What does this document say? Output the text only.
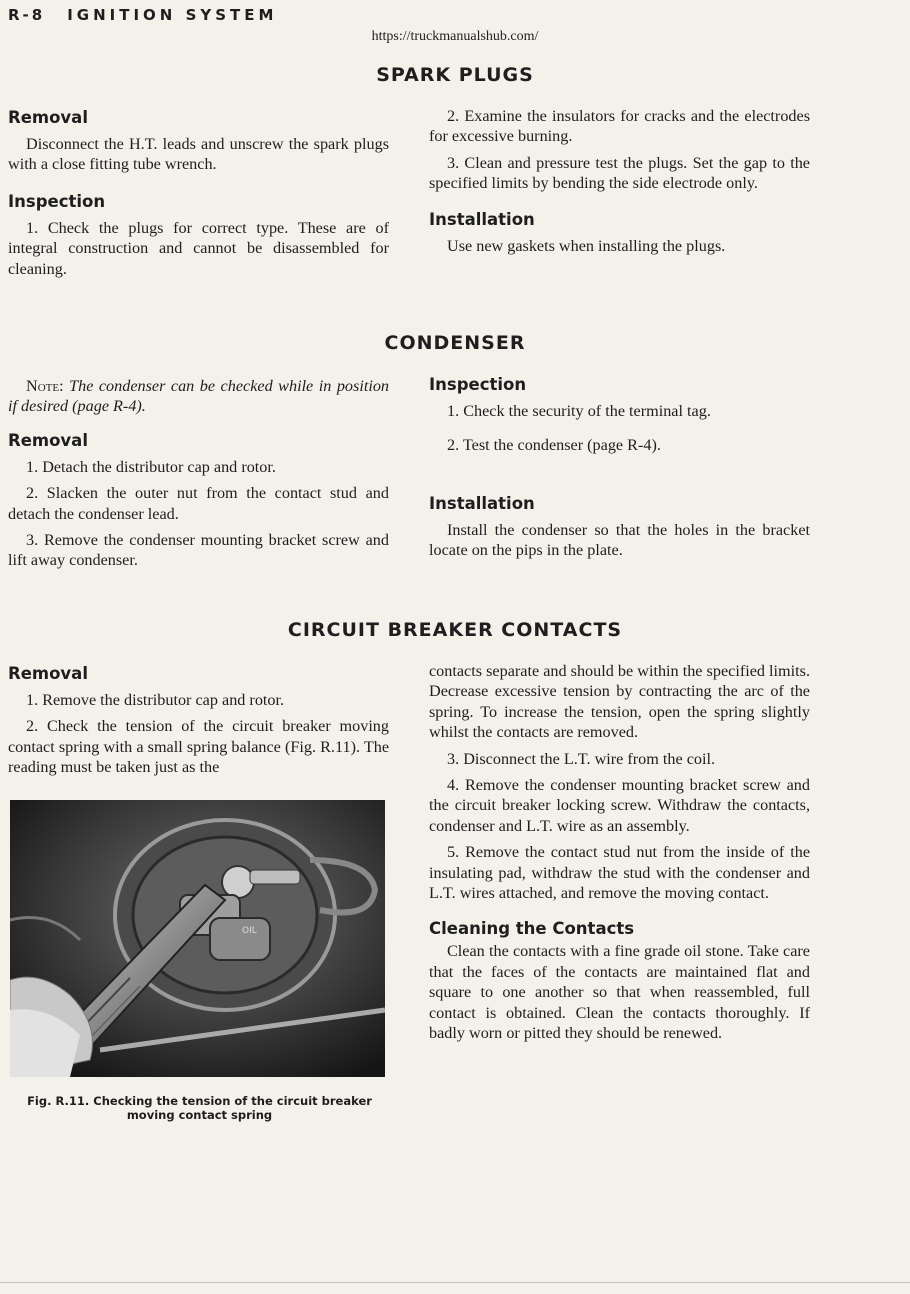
R-8 IGNITION SYSTEM
https://truckmanualshub.com/
SPARK PLUGS
Removal

Disconnect the H.T. leads and unscrew the spark plugs with a close fitting tube wrench.

Inspection

1. Check the plugs for correct type. These are of integral construction and cannot be disassembled for cleaning.

2. Examine the insulators for cracks and the electrodes for excessive burning.

3. Clean and pressure test the plugs. Set the gap to the specified limits by bending the side electrode only.

Installation

Use new gaskets when installing the plugs.

CONDENSER

Note: The condenser can be checked while in position if desired (page R-4).

Removal

1. Detach the distributor cap and rotor.

2. Slacken the outer nut from the contact stud and detach the condenser lead.

3. Remove the condenser mounting bracket screw and lift away condenser.

Inspection

1. Check the security of the terminal tag.

2. Test the condenser (page R-4).

Installation

Install the condenser so that the holes in the bracket locate on the pips in the plate.

CIRCUIT BREAKER CONTACTS
Removal

1. Remove the distributor cap and rotor.

2. Check the tension of the circuit breaker moving contact spring with a small spring balance (Fig. R.11). The reading must be taken just as the

OIL
Fig. R.11. Checking the tension of the circuit breaker moving contact spring

contacts separate and should be within the specified limits. Decrease excessive tension by contracting the arc of the spring. To increase the tension, open the spring slightly whilst the contacts are removed.

3. Disconnect the L.T. wire from the coil.

4. Remove the condenser mounting bracket screw and the circuit breaker locking screw. Withdraw the contacts, condenser and L.T. wire as an assembly.

5. Remove the contact stud nut from the inside of the insulating pad, withdraw the stud with the condenser and L.T. wires attached, and remove the moving contact.

Cleaning the Contacts

Clean the contacts with a fine grade oil stone. Take care that the faces of the contacts are maintained flat and square to one another so that when reassembled, full contact is obtained. Clean the contacts thoroughly. If badly worn or pitted they should be renewed.
